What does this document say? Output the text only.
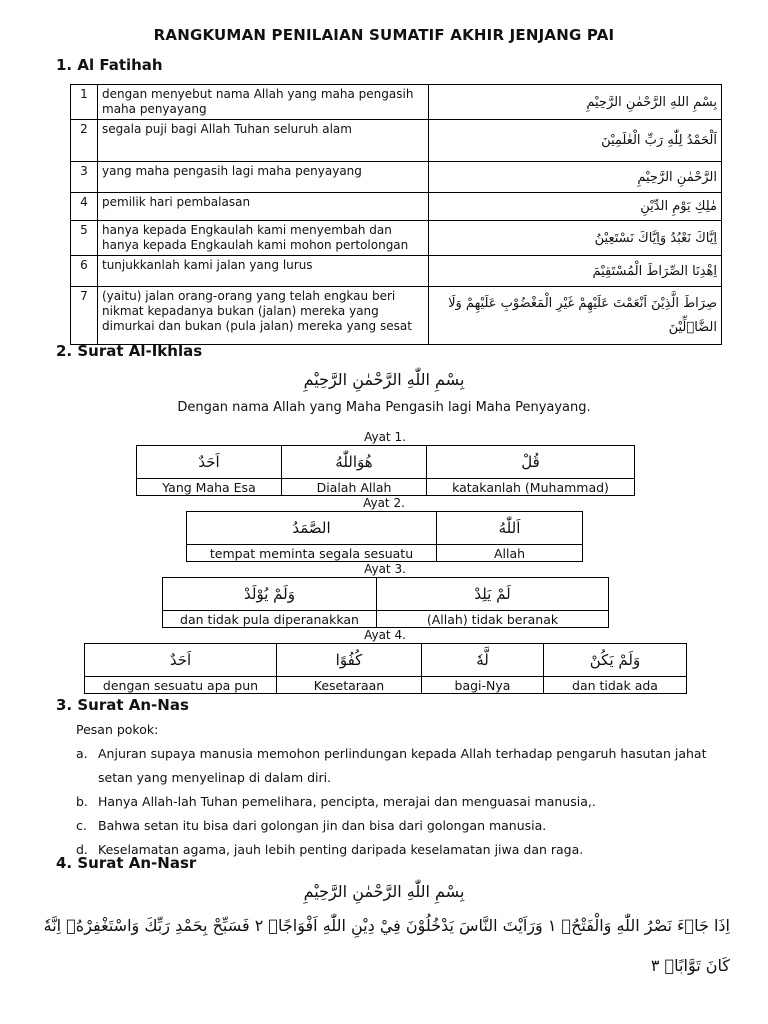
RANGKUMAN PENILAIAN SUMATIF AKHIR JENJANG PAI
1. Al Fatihah
1	dengan menyebut nama Allah yang maha pengasih maha penyayang	بِسْمِ اللهِ الرَّحْمٰنِ الرَّحِيْمِ
2	segala puji bagi Allah Tuhan seluruh alam	اَلْحَمْدُ لِلّٰهِ رَبِّ الْعٰلَمِيْنَ
3	yang maha pengasih lagi maha penyayang	الرَّحْمٰنِ الرَّحِيْمِ
4	pemilik hari pembalasan	مٰلِكِ يَوْمِ الدِّيْنِ
5	hanya kepada Engkaulah kami menyembah dan hanya kepada Engkaulah kami mohon pertolongan	اِيَّاكَ نَعْبُدُ وَاِيَّاكَ نَسْتَعِيْنُ
6	tunjukkanlah kami jalan yang lurus	اِهْدِنَا الصِّرَاطَ الْمُسْتَقِيْمَ
7	(yaitu) jalan orang-orang yang telah engkau beri nikmat kepadanya bukan (jalan) mereka yang dimurkai dan bukan (pula jalan) mereka yang sesat	صِرَاطَ الَّذِيْنَ اَنْعَمْتَ عَلَيْهِمْ غَيْرِ الْمَغْضُوْبِ عَلَيْهِمْ وَلَا الضَّاۤلِّيْنَ
2. Surat Al-Ikhlas
بِسْمِ اللّٰهِ الرَّحْمٰنِ الرَّحِيْمِ
Dengan nama Allah yang Maha Pengasih lagi Maha Penyayang.
Ayat 1.
اَحَدٌ	هُوَاللّٰهُ	قُلْ
Yang Maha Esa	Dialah Allah	katakanlah (Muhammad)
Ayat 2.
الصَّمَدُ	اَللّٰهُ
tempat meminta segala sesuatu	Allah
Ayat 3.
وَلَمْ يُوْلَدْ	لَمْ يَلِدْ
dan tidak pula diperanakkan	(Allah) tidak beranak
Ayat 4.
اَحَدٌ	كُفُوًا	لَّهٗ	وَلَمْ يَكُنْ
dengan sesuatu apa pun	Kesetaraan	bagi-Nya	dan tidak ada
3. Surat An-Nas
Pesan pokok:
a. Anjuran supaya manusia memohon perlindungan kepada Allah terhadap pengaruh hasutan jahat setan yang menyelinap di dalam diri.
b. Hanya Allah-lah Tuhan pemelihara, pencipta, merajai dan menguasai manusia,.
c. Bahwa setan itu bisa dari golongan jin dan bisa dari golongan manusia.
d. Keselamatan agama, jauh lebih penting daripada keselamatan jiwa dan raga.
4. Surat An-Nasr
بِسْمِ اللّٰهِ الرَّحْمٰنِ الرَّحِيْمِ
اِذَا جَاۤءَ نَصْرُ اللّٰهِ وَالْفَتْحُۙ ١ وَرَاَيْتَ النَّاسَ يَدْخُلُوْنَ فِيْ دِيْنِ اللّٰهِ اَفْوَاجًاۙ ٢ فَسَبِّحْ بِحَمْدِ رَبِّكَ وَاسْتَغْفِرْهُۗ اِنَّهٗ كَانَ تَوَّابًاࣖ ٣
